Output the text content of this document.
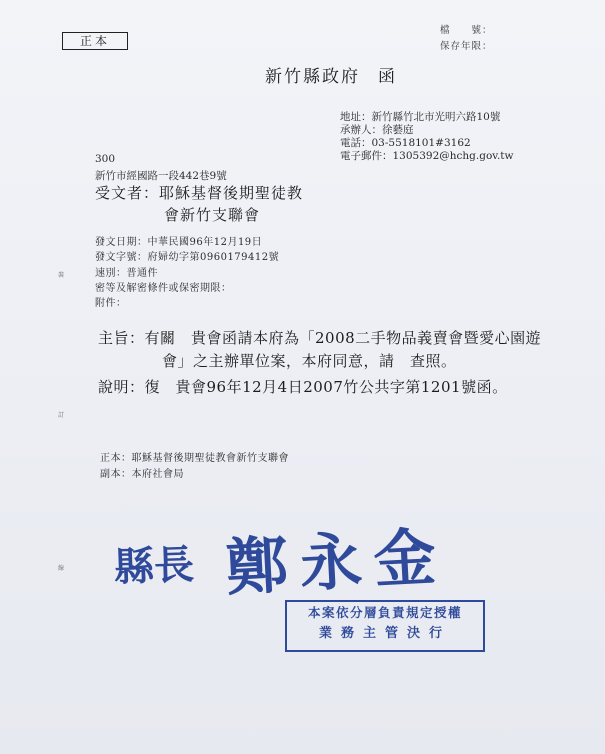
正本
檔　　號：
保存年限：
新竹縣政府 函
地址：新竹縣竹北市光明六路10號
承辦人：徐藝庭
電話：03-5518101#3162
電子郵件：1305392@hchg.gov.tw
300
新竹市經國路一段442巷9號
受文者：耶穌基督後期聖徒教
會新竹支聯會
發文日期：中華民國96年12月19日
發文字號：府婦幼字第0960179412號
速別：普通件
密等及解密條件或保密期限：
附件：
裝
訂
線
主旨：有關　貴會函請本府為「2008二手物品義賣會暨愛心園遊
會」之主辦單位案，本府同意，請　查照。
說明：復　貴會96年12月4日2007竹公共字第1201號函。
正本：耶穌基督後期聖徒教會新竹支聯會
副本：本府社會局
縣長 鄭永金
本案依分層負責規定授權
業務主管決行
